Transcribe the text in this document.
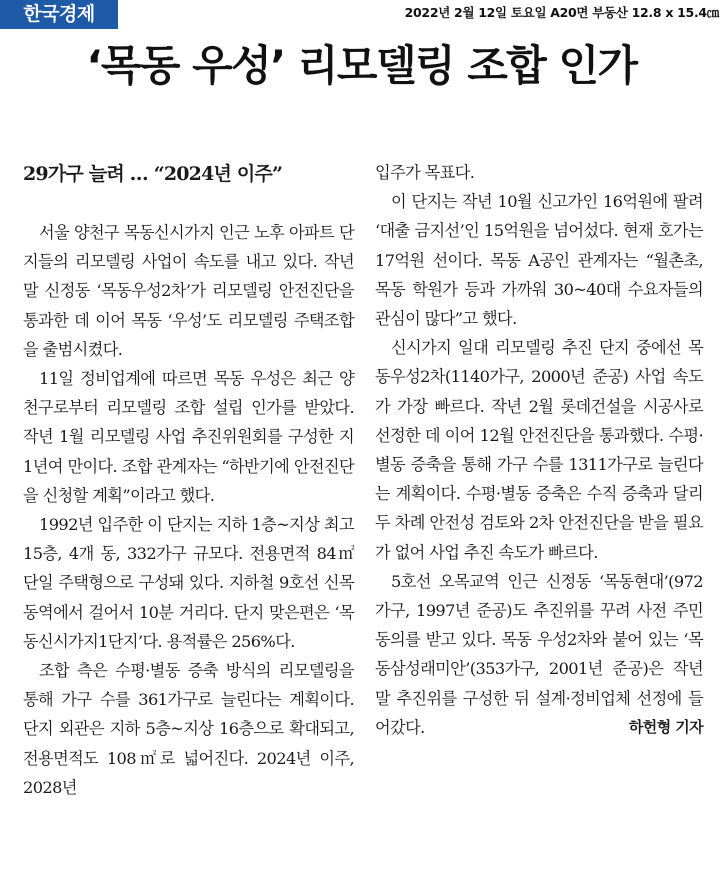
한국경제	2022년 2월 12일 토요일 A20면 부동산 12.8 x 15.4㎝
‘목동 우성’ 리모델링 조합 인가
29가구 늘려 … “2024년 이주”

서울 양천구 목동신시가지 인근 노후 아파트 단지들의 리모델링 사업이 속도를 내고 있다. 작년 말 신정동 ‘목동우성2차’가 리모델링 안전진단을 통과한 데 이어 목동 ‘우성’도 리모델링 주택조합을 출범시켰다.

11일 정비업계에 따르면 목동 우성은 최근 양천구로부터 리모델링 조합 설립 인가를 받았다. 작년 1월 리모델링 사업 추진위원회를 구성한 지 1년여 만이다. 조합 관계자는 “하반기에 안전진단을 신청할 계획”이라고 했다.

1992년 입주한 이 단지는 지하 1층~지상 최고 15층, 4개 동, 332가구 규모다. 전용면적 84㎡ 단일 주택형으로 구성돼 있다. 지하철 9호선 신목동역에서 걸어서 10분 거리다. 단지 맞은편은 ‘목동신시가지1단지’다. 용적률은 256%다.

조합 측은 수평·별동 증축 방식의 리모델링을 통해 가구 수를 361가구로 늘린다는 계획이다. 단지 외관은 지하 5층~지상 16층으로 확대되고, 전용면적도 108㎡로 넓어진다. 2024년 이주, 2028년

입주가 목표다.

이 단지는 작년 10월 신고가인 16억원에 팔려 ‘대출 금지선’인 15억원을 넘어섰다. 현재 호가는 17억원 선이다. 목동 A공인 관계자는 “월촌초, 목동 학원가 등과 가까워 30~40대 수요자들의 관심이 많다”고 했다.

신시가지 일대 리모델링 추진 단지 중에선 목동우성2차(1140가구, 2000년 준공) 사업 속도가 가장 빠르다. 작년 2월 롯데건설을 시공사로 선정한 데 이어 12월 안전진단을 통과했다. 수평·별동 증축을 통해 가구 수를 1311가구로 늘린다는 계획이다. 수평·별동 증축은 수직 증축과 달리 두 차례 안전성 검토와 2차 안전진단을 받을 필요가 없어 사업 추진 속도가 빠르다.

5호선 오목교역 인근 신정동 ‘목동현대’(972가구, 1997년 준공)도 추진위를 꾸려 사전 주민 동의를 받고 있다. 목동 우성2차와 붙어 있는 ‘목동삼성래미안’(353가구, 2001년 준공)은 작년 말 추진위를 구성한 뒤 설계·정비업체 선정에 들어갔다.	하헌형 기자
